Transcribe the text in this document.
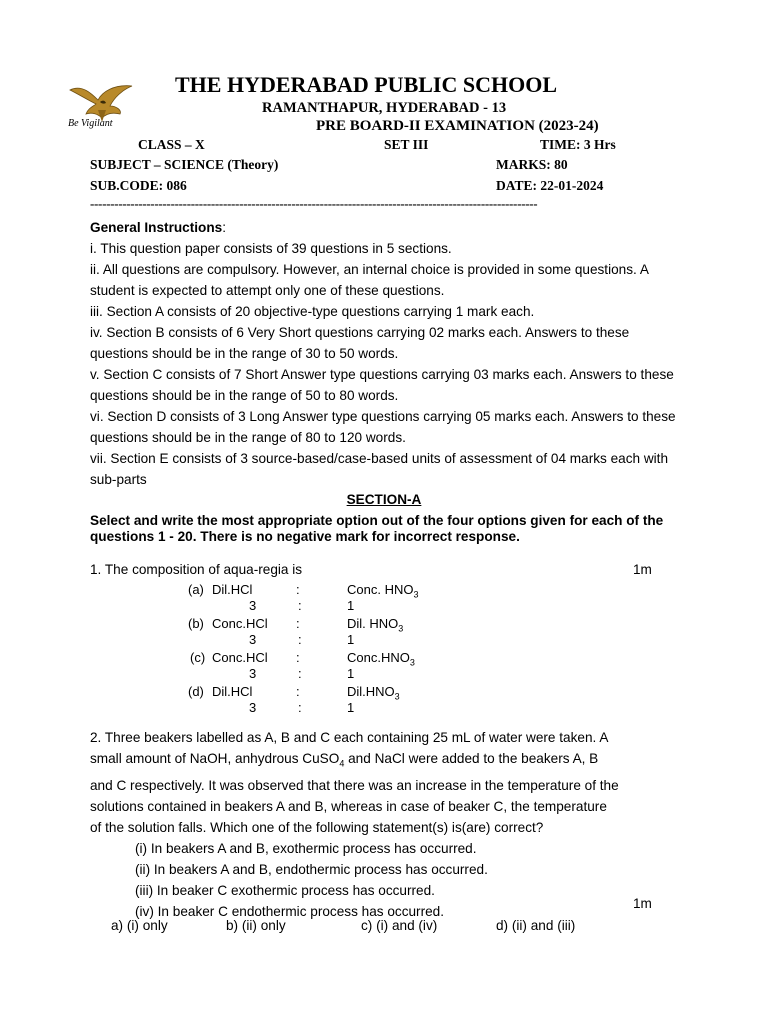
Be Vigilant
THE HYDERABAD PUBLIC SCHOOL
RAMANTHAPUR, HYDERABAD - 13
PRE BOARD-II EXAMINATION (2023-24)
CLASS – X	SET III	TIME: 3 Hrs
SUBJECT – SCIENCE (Theory)	MARKS: 80
SUB.CODE: 086	DATE: 22-01-2024
---------------------------------------------------------------------------------------------------------------

General Instructions:

i. This question paper consists of 39 questions in 5 sections.

ii. All questions are compulsory. However, an internal choice is provided in some questions. A student is expected to attempt only one of these questions.

iii. Section A consists of 20 objective-type questions carrying 1 mark each.

iv. Section B consists of 6 Very Short questions carrying 02 marks each. Answers to these questions should be in the range of 30 to 50 words.

v. Section C consists of 7 Short Answer type questions carrying 03 marks each. Answers to these questions should be in the range of 50 to 80 words.

vi. Section D consists of 3 Long Answer type questions carrying 05 marks each. Answers to these questions should be in the range of 80 to 120 words.

vii. Section E consists of 3 source-based/case-based units of assessment of 04 marks each with sub-parts

SECTION-A
Select and write the most appropriate option out of the four options given for each of the questions 1 - 20. There is no negative mark for incorrect response.
1. The composition of aqua-regia is	1m
(a) Dil.HCl	:	Conc. $HNO_3$
3	:	1
(b) Conc.HCl :	Dil. $HNO_3$
3	:	1
(c) Conc.HCl :	$Conc.HNO_3$
3	:	1
(d) Dil.HCl	:	$Dil.HNO_3$
3	:	1

2. Three beakers labelled as A, B and C each containing 25 mL of water were taken. A

small amount of NaOH, anhydrous CuSO$_4$ and NaCl were added to the beakers A, B

and C respectively. It was observed that there was an increase in the temperature of the

solutions contained in beakers A and B, whereas in case of beaker C, the temperature

of the solution falls. Which one of the following statement(s) is(are) correct?

(i) In beakers A and B, exothermic process has occurred.

(ii) In beakers A and B, endothermic process has occurred.

(iii) In beaker C exothermic process has occurred.

(iv) In beaker C endothermic process has occurred.

1m
a) (i) only	b) (ii) only	c) (i) and (iv)	d) (ii) and (iii)
